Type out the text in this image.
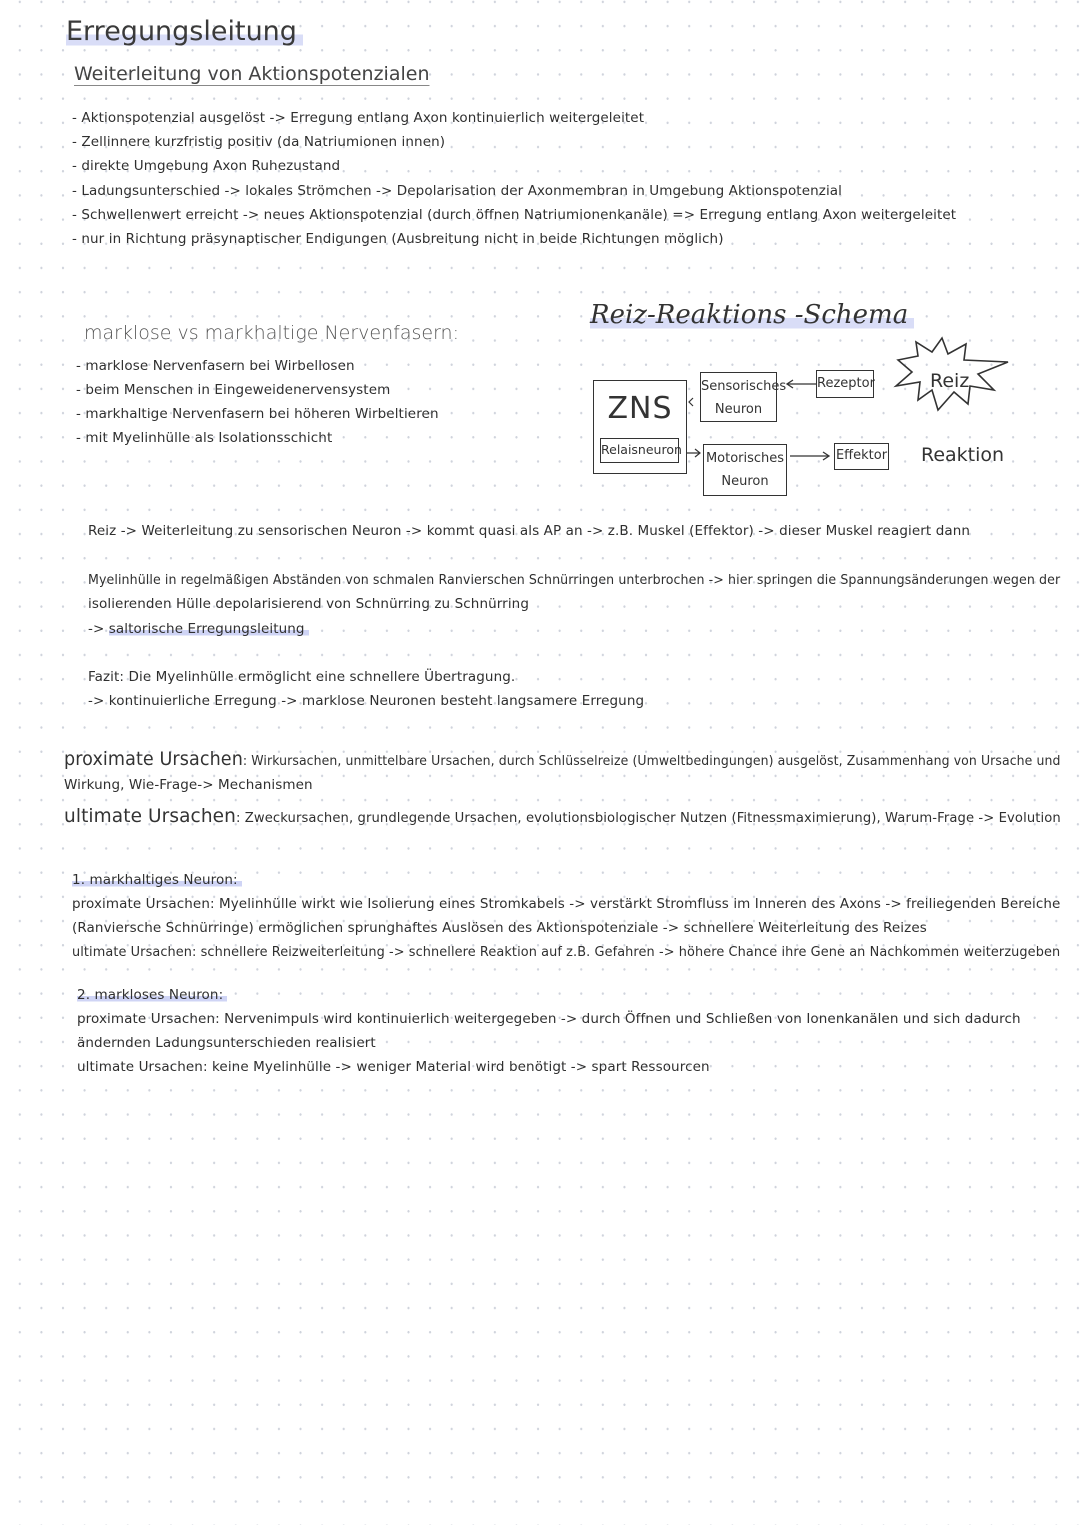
Erregungsleitung
Weiterleitung von Aktionspotenzialen
- Aktionspotenzial ausgelöst -> Erregung entlang Axon kontinuierlich weitergeleitet
- Zellinnere kurzfristig positiv (da Natriumionen innen)
- direkte Umgebung Axon Ruhezustand
- Ladungsunterschied -> lokales Strömchen -> Depolarisation der Axonmembran in Umgebung Aktionspotenzial
- Schwellenwert erreicht -> neues Aktionspotenzial (durch öffnen Natriumionenkanäle) => Erregung entlang Axon weitergeleitet
- nur in Richtung präsynaptischer Endigungen (Ausbreitung nicht in beide Richtungen möglich)
marklose vs markhaltige Nervenfasern:
- marklose Nervenfasern bei Wirbellosen
- beim Menschen in Eingeweidenervensystem
- markhaltige Nervenfasern bei höheren Wirbeltieren
- mit Myelinhülle als Isolationsschicht
Reiz-Reaktions -Schema
ZNS
Relaisneuron
Sensorisches
Neuron
Rezeptor	Reiz
Motorisches
Neuron
Effektor Reaktion
Reiz -> Weiterleitung zu sensorischen Neuron -> kommt quasi als AP an -> z.B. Muskel (Effektor) -> dieser Muskel reagiert dann
Myelinhülle in regelmäßigen Abständen von schmalen Ranvierschen Schnürringen unterbrochen -> hier springen die Spannungsänderungen wegen der
isolierenden Hülle depolarisierend von Schnürring zu Schnürring
-> saltorische Erregungsleitung
Fazit: Die Myelinhülle ermöglicht eine schnellere Übertragung.
-> kontinuierliche Erregung -> marklose Neuronen besteht langsamere Erregung
proximate Ursachen: Wirkursachen, unmittelbare Ursachen, durch Schlüsselreize (Umweltbedingungen) ausgelöst, Zusammenhang von Ursache und
Wirkung, Wie-Frage-> Mechanismen
ultimate Ursachen: Zweckursachen, grundlegende Ursachen, evolutionsbiologischer Nutzen (Fitnessmaximierung), Warum-Frage -> Evolution
1. markhaltiges Neuron:
proximate Ursachen: Myelinhülle wirkt wie Isolierung eines Stromkabels -> verstärkt Stromfluss im Inneren des Axons -> freiliegenden Bereiche
(Ranviersche Schnürringe) ermöglichen sprunghaftes Auslösen des Aktionspotenziale -> schnellere Weiterleitung des Reizes
ultimate Ursachen: schnellere Reizweiterleitung -> schnellere Reaktion auf z.B. Gefahren -> höhere Chance ihre Gene an Nachkommen weiterzugeben
2. markloses Neuron:
proximate Ursachen: Nervenimpuls wird kontinuierlich weitergegeben -> durch Öffnen und Schließen von Ionenkanälen und sich dadurch
ändernden Ladungsunterschieden realisiert
ultimate Ursachen: keine Myelinhülle -> weniger Material wird benötigt -> spart Ressourcen
